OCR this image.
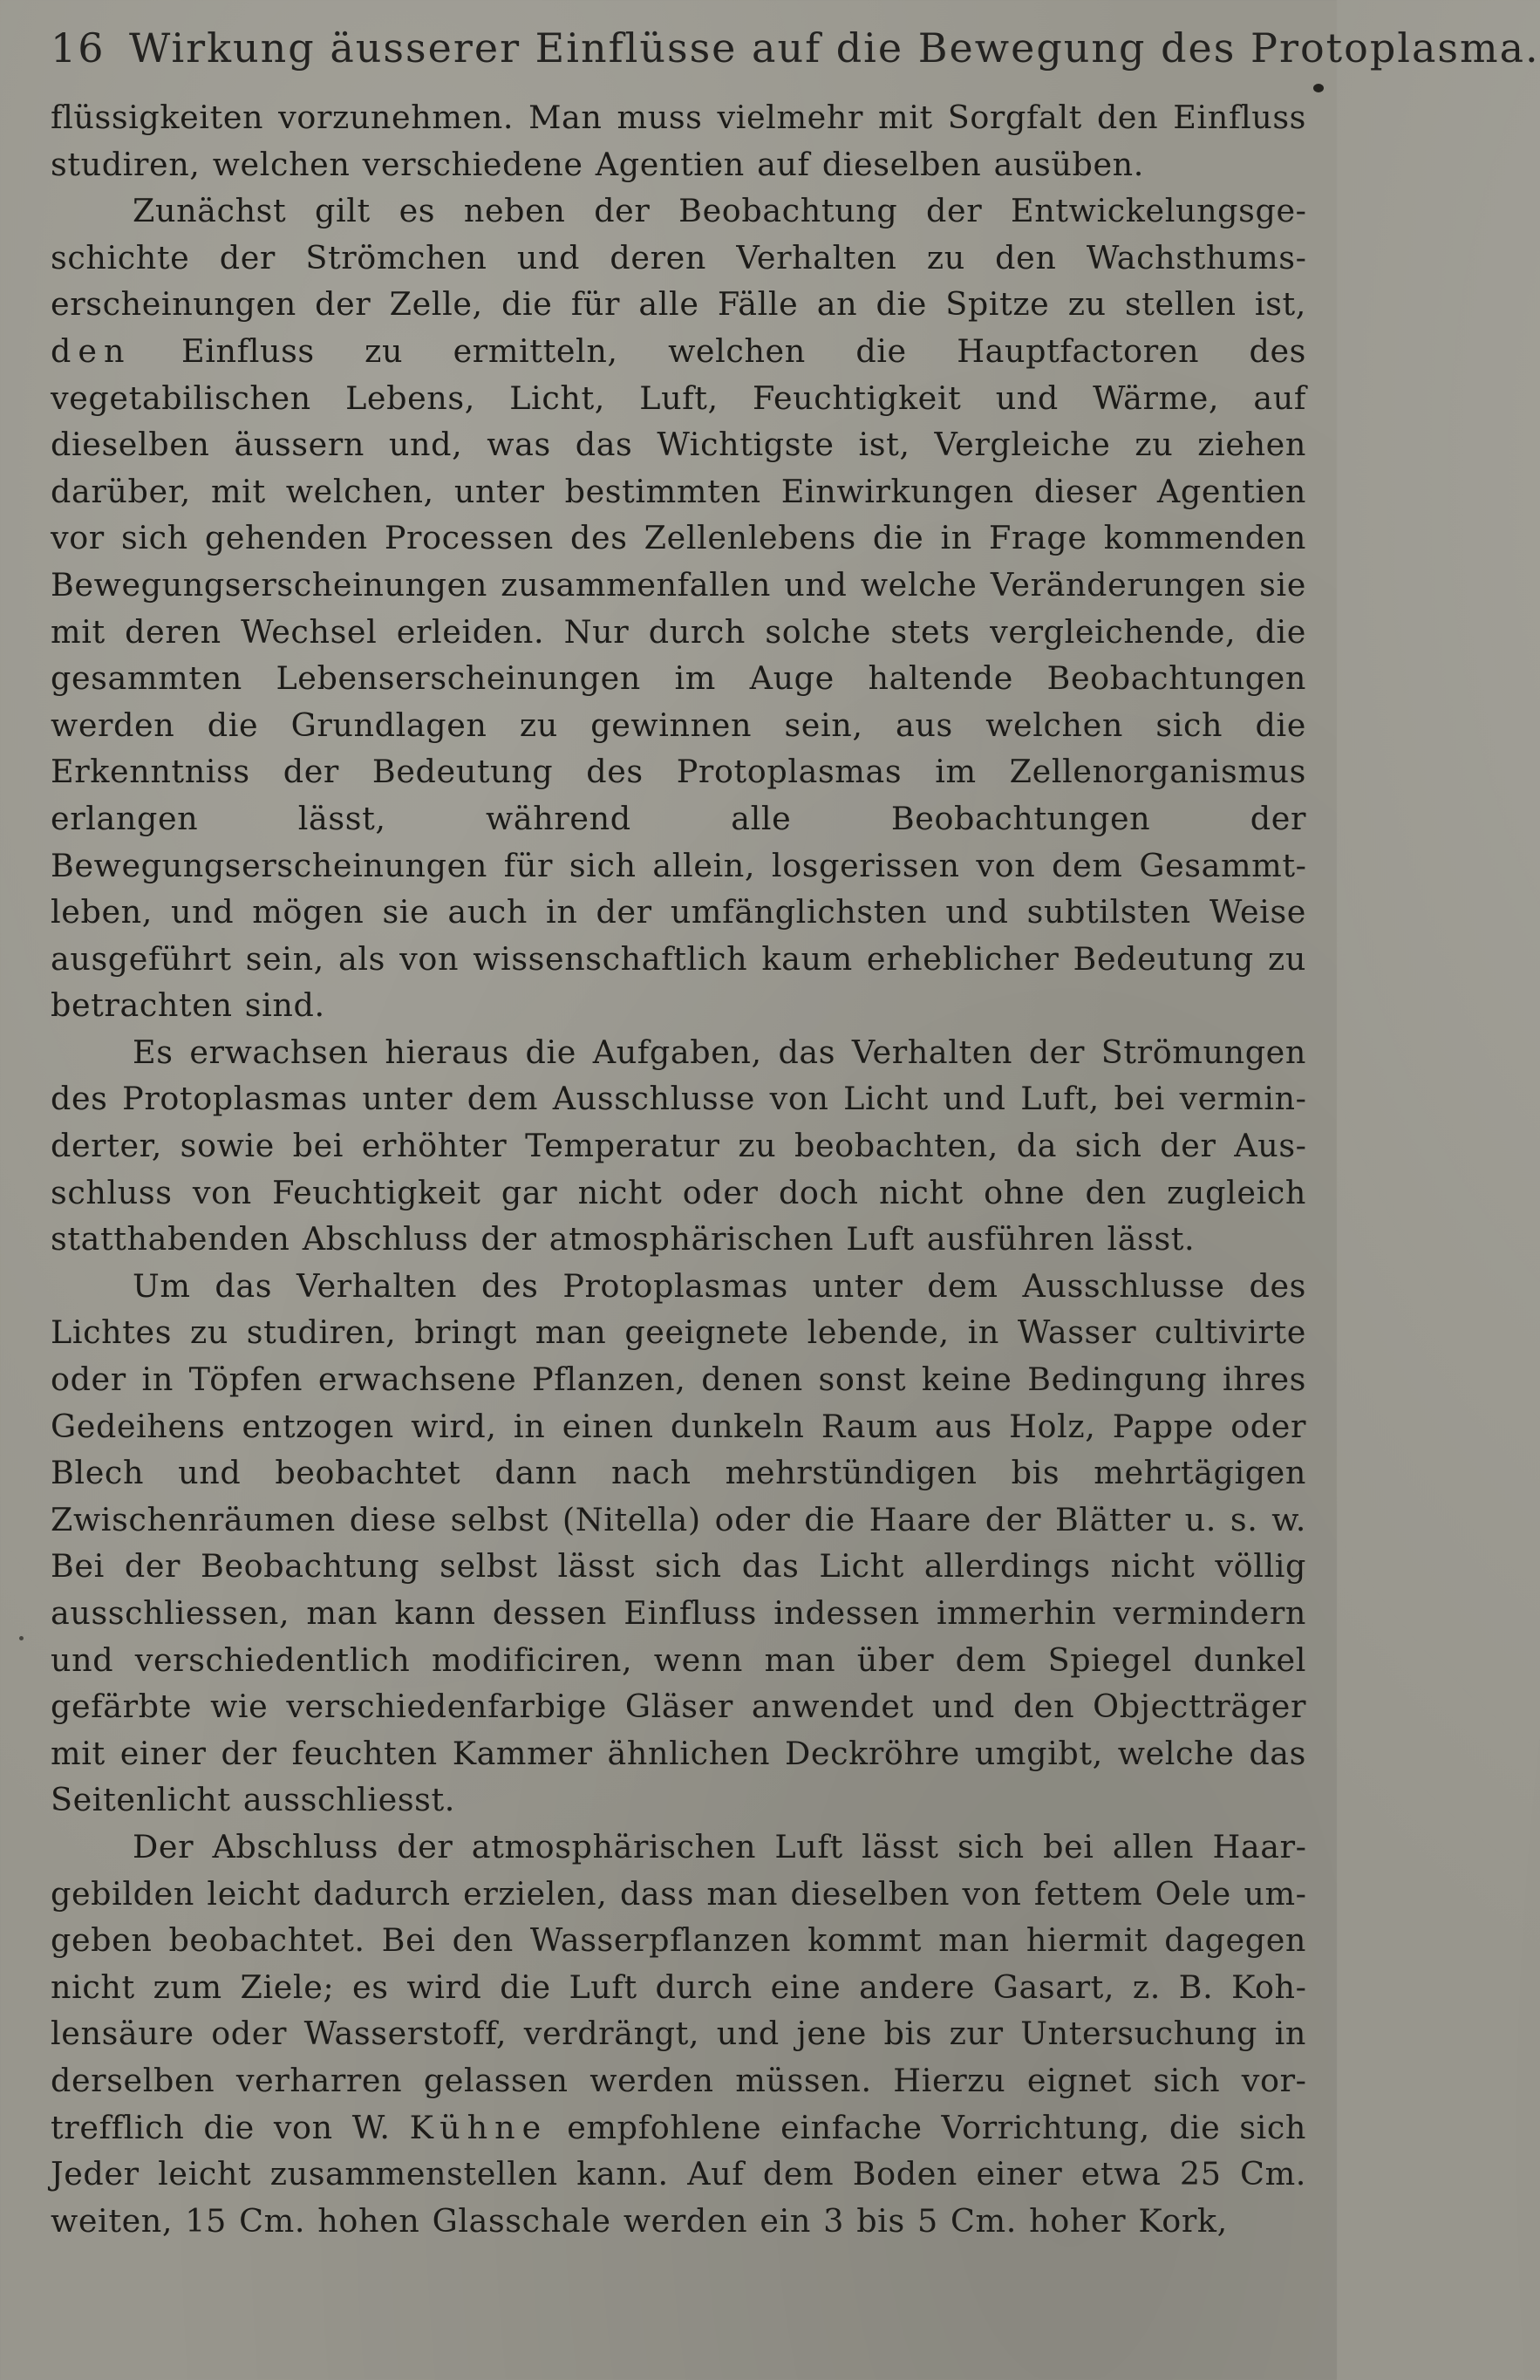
16 Wirkung äusserer Einflüsse auf die Bewegung des Protoplasma.

flüssigkeiten vorzunehmen. Man muss vielmehr mit Sorgfalt den Einfluss studiren, welchen verschiedene Agentien auf dieselben ausüben.

Zunächst gilt es neben der Beobachtung der Entwickelungsgeschichte der Strömchen und deren Verhalten zu den Wachsthumserscheinungen der Zelle, die für alle Fälle an die Spitze zu stellen ist, den Einfluss zu ermitteln, welchen die Hauptfactoren des vegetabilischen Lebens, Licht, Luft, Feuchtigkeit und Wärme, auf dieselben äussern und, was das Wichtigste ist, Vergleiche zu ziehen darüber, mit welchen, unter bestimmten Einwirkungen dieser Agentien vor sich gehenden Processen des Zellenlebens die in Frage kommenden Bewegungserscheinungen zusammenfallen und welche Veränderungen sie mit deren Wechsel erleiden. Nur durch solche stets vergleichende, die gesammten Lebenserscheinungen im Auge haltende Beobachtungen werden die Grundlagen zu gewinnen sein, aus welchen sich die Erkenntniss der Bedeutung des Protoplasmas im Zellenorganismus erlangen lässt, während alle Beobachtungen der Bewegungserscheinungen für sich allein, losgerissen von dem Gesammtleben, und mögen sie auch in der umfänglichsten und subtilsten Weise ausgeführt sein, als von wissenschaftlich kaum erheblicher Bedeutung zu betrachten sind.

Es erwachsen hieraus die Aufgaben, das Verhalten der Strömungen des Protoplasmas unter dem Ausschlusse von Licht und Luft, bei verminderter, sowie bei erhöhter Temperatur zu beobachten, da sich der Ausschluss von Feuchtigkeit gar nicht oder doch nicht ohne den zugleich statthabenden Abschluss der atmosphärischen Luft ausführen lässt.

Um das Verhalten des Protoplasmas unter dem Ausschlusse des Lichtes zu studiren, bringt man geeignete lebende, in Wasser cultivirte oder in Töpfen erwachsene Pflanzen, denen sonst keine Bedingung ihres Gedeihens entzogen wird, in einen dunkeln Raum aus Holz, Pappe oder Blech und beobachtet dann nach mehrstündigen bis mehrtägigen Zwischenräumen diese selbst (Nitella) oder die Haare der Blätter u. s. w. Bei der Beobachtung selbst lässt sich das Licht allerdings nicht völlig ausschliessen, man kann dessen Einfluss indessen immerhin vermindern und verschiedentlich modificiren, wenn man über dem Spiegel dunkel gefärbte wie verschiedenfarbige Gläser anwendet und den Objectträger mit einer der feuchten Kammer ähnlichen Deckröhre umgibt, welche das Seitenlicht ausschliesst.

Der Abschluss der atmosphärischen Luft lässt sich bei allen Haargebilden leicht dadurch erzielen, dass man dieselben von fettem Oele umgeben beobachtet. Bei den Wasserpflanzen kommt man hiermit dagegen nicht zum Ziele; es wird die Luft durch eine andere Gasart, z. B. Kohlensäure oder Wasserstoff, verdrängt, und jene bis zur Untersuchung in derselben verharren gelassen werden müssen. Hierzu eignet sich vortrefflich die von W. Kühne empfohlene einfache Vorrichtung, die sich Jeder leicht zusammenstellen kann. Auf dem Boden einer etwa 25 Cm. weiten, 15 Cm. hohen Glasschale werden ein 3 bis 5 Cm. hoher Kork,
